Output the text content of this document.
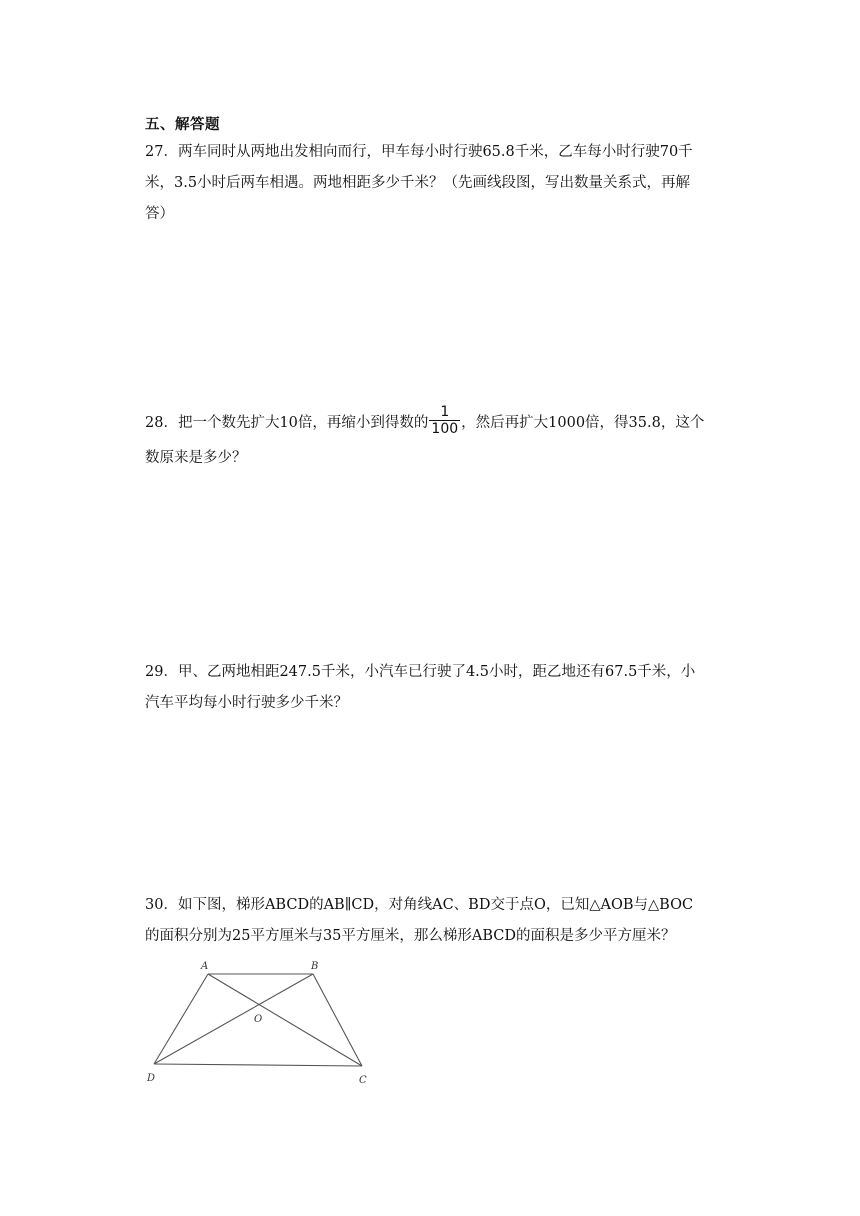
五、解答题

27．两车同时从两地出发相向而行，甲车每小时行驶65.8千米，乙车每小时行驶70千

米，3.5小时后两车相遇。两地相距多少千米？（先画线段图，写出数量关系式，再解

答）

28．把一个数先扩大10倍，再缩小到得数的 $\frac{1}{100}$ ，然后再扩大1000倍，得35.8，这个

数原来是多少？

29．甲、乙两地相距247.5千米，小汽车已行驶了4.5小时，距乙地还有67.5千米，小

汽车平均每小时行驶多少千米？

30．如下图，梯形ABCD的AB∥CD，对角线AC、BD交于点O，已知△AOB与△BOC

的面积分别为25平方厘米与35平方厘米，那么梯形ABCD的面积是多少平方厘米？

A	B
O
D	C
